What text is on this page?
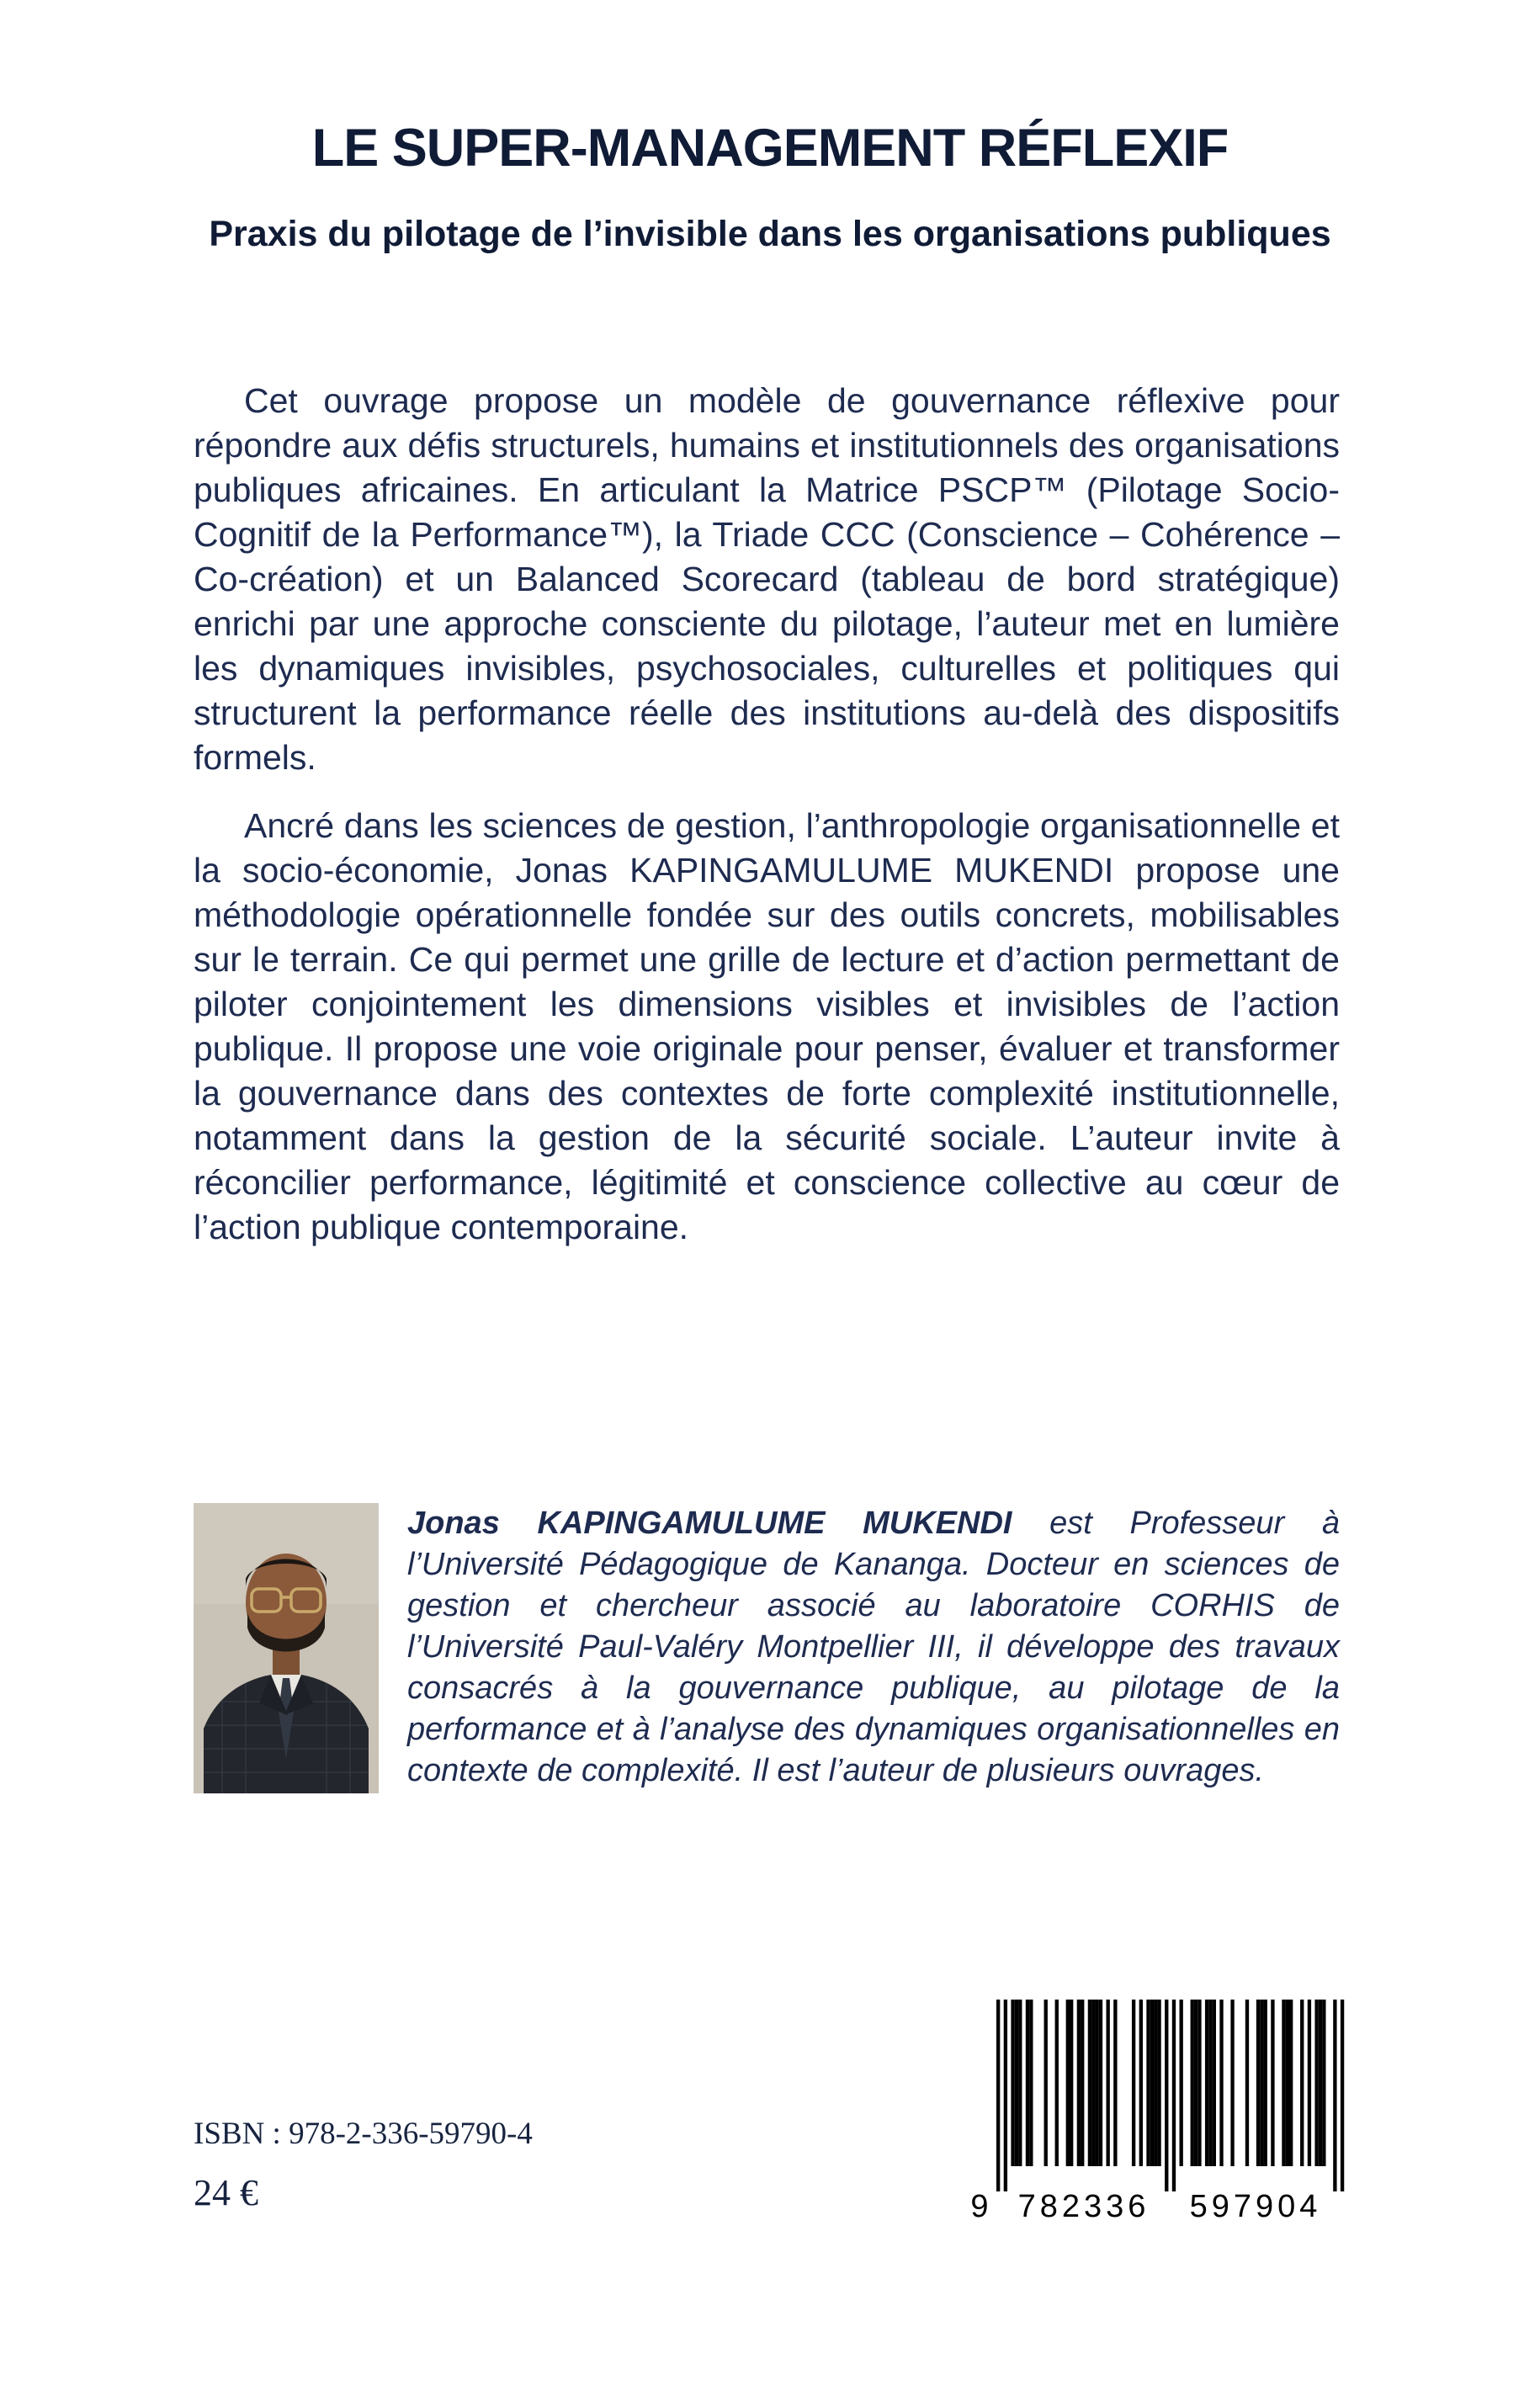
LE SUPER-MANAGEMENT RÉFLEXIF
Praxis du pilotage de l’invisible dans les organisations publiques

Cet ouvrage propose un modèle de gouvernance réflexive pour répondre aux défis structurels, humains et institutionnels des organisations publiques africaines. En articulant la Matrice PSCP™ (Pilotage Socio-Cognitif de la Performance™), la Triade CCC (Conscience – Cohérence – Co-création) et un Balanced Scorecard (tableau de bord stratégique) enrichi par une approche consciente du pilotage, l’auteur met en lumière les dynamiques invisibles, psychosociales, culturelles et politiques qui structurent la performance réelle des institutions au-delà des dispositifs formels.

Ancré dans les sciences de gestion, l’anthropologie organisationnelle et la socio-économie, Jonas KAPINGAMULUME MUKENDI propose une méthodologie opérationnelle fondée sur des outils concrets, mobilisables sur le terrain. Ce qui permet une grille de lecture et d’action permettant de piloter conjointement les dimensions visibles et invisibles de l’action publique. Il propose une voie originale pour penser, évaluer et transformer la gouvernance dans des contextes de forte complexité institutionnelle, notamment dans la gestion de la sécurité sociale. L’auteur invite à réconcilier performance, légitimité et conscience collective au cœur de l’action publique contemporaine.

Jonas KAPINGAMULUME MUKENDI est Professeur à l’Université Pédagogique de Kananga. Docteur en sciences de gestion et chercheur associé au laboratoire CORHIS de l’Université Paul-Valéry Montpellier III, il développe des travaux consacrés à la gouvernance publique, au pilotage de la performance et à l’analyse des dynamiques organisationnelles en contexte de complexité. Il est l’auteur de plusieurs ouvrages.
ISBN : 978-2-336-59790-4
24 €	9 782336 597904
